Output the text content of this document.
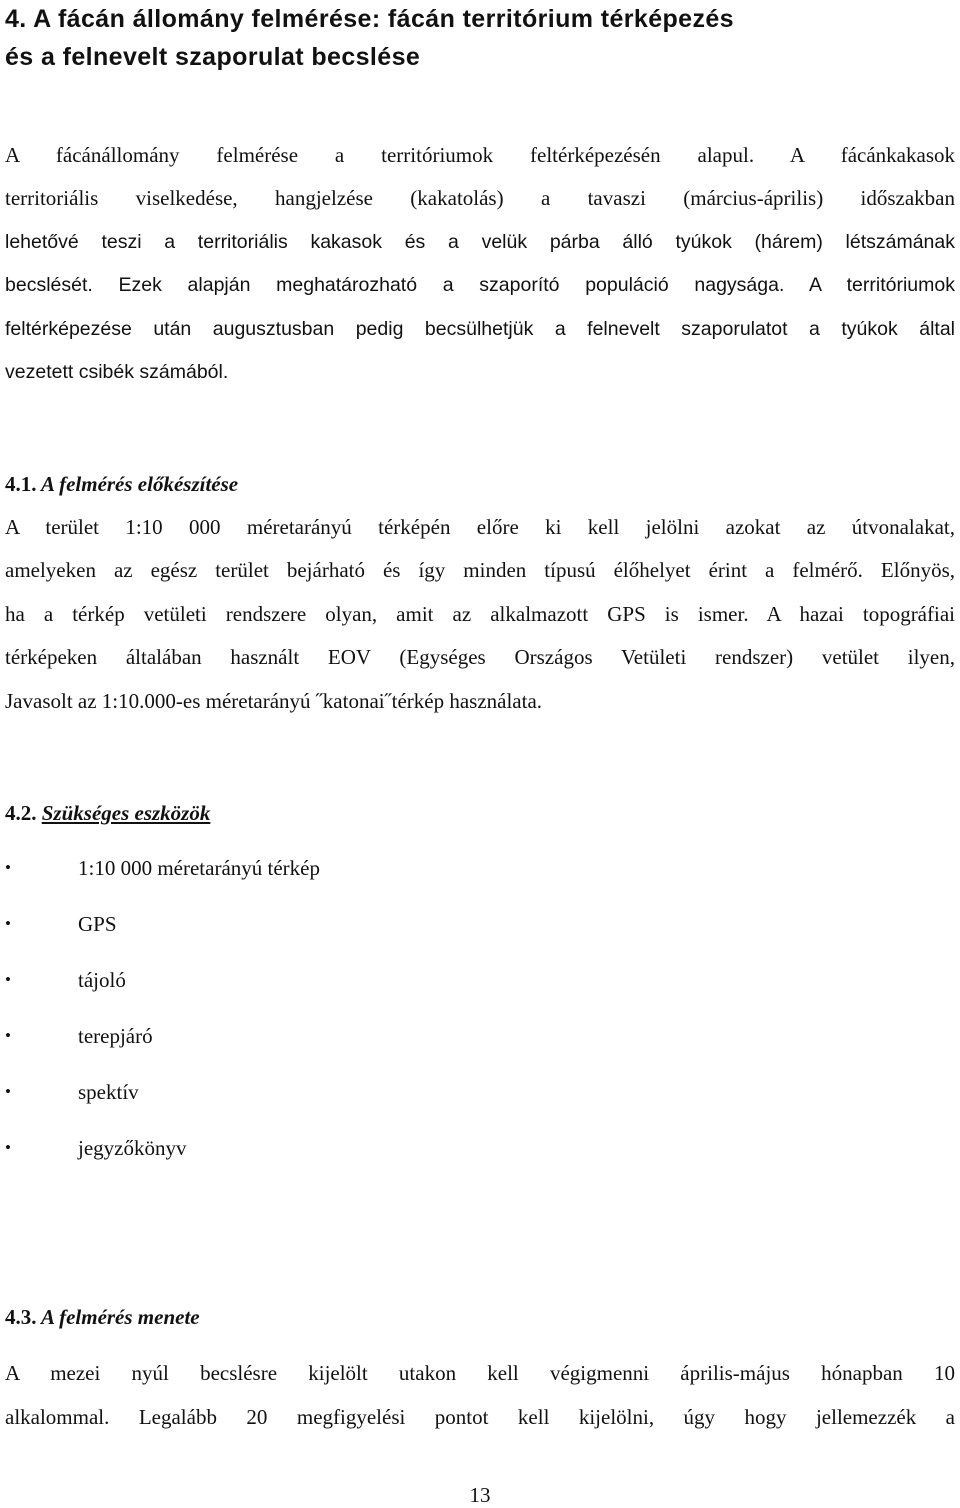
4. A fácán állomány felmérése: fácán territórium térképezés
és a felnevelt szaporulat becslése
A fácánállomány felmérése a territóriumok feltérképezésén alapul. A fácánkakasok
territoriális viselkedése, hangjelzése (kakatolás) a tavaszi (március-április) időszakban
lehetővé teszi a territoriális kakasok és a velük párba álló tyúkok (hárem) létszámának
becslését. Ezek alapján meghatározható a szaporító populáció nagysága. A territóriumok
feltérképezése után augusztusban pedig becsülhetjük a felnevelt szaporulatot a tyúkok által
vezetett csibék számából.
4.1. A felmérés előkészítése
A terület 1:10 000 méretarányú térképén előre ki kell jelölni azokat az útvonalakat,
amelyeken az egész terület bejárható és így minden típusú élőhelyet érint a felmérő. Előnyös,
ha a térkép vetületi rendszere olyan, amit az alkalmazott GPS is ismer. A hazai topográfiai
térképeken általában használt EOV (Egységes Országos Vetületi rendszer) vetület ilyen,
Javasolt az 1:10.000-es méretarányú ˝katonai˝térkép használata.
4.2. Szükséges eszközök
•	1:10 000 méretarányú térkép
•	GPS
•	tájoló
•	terepjáró
•	spektív
•	jegyzőkönyv
4.3. A felmérés menete
A mezei nyúl becslésre kijelölt utakon kell végigmenni április-május hónapban 10
alkalommal. Legalább 20 megfigyelési pontot kell kijelölni, úgy hogy jellemezzék a
13
